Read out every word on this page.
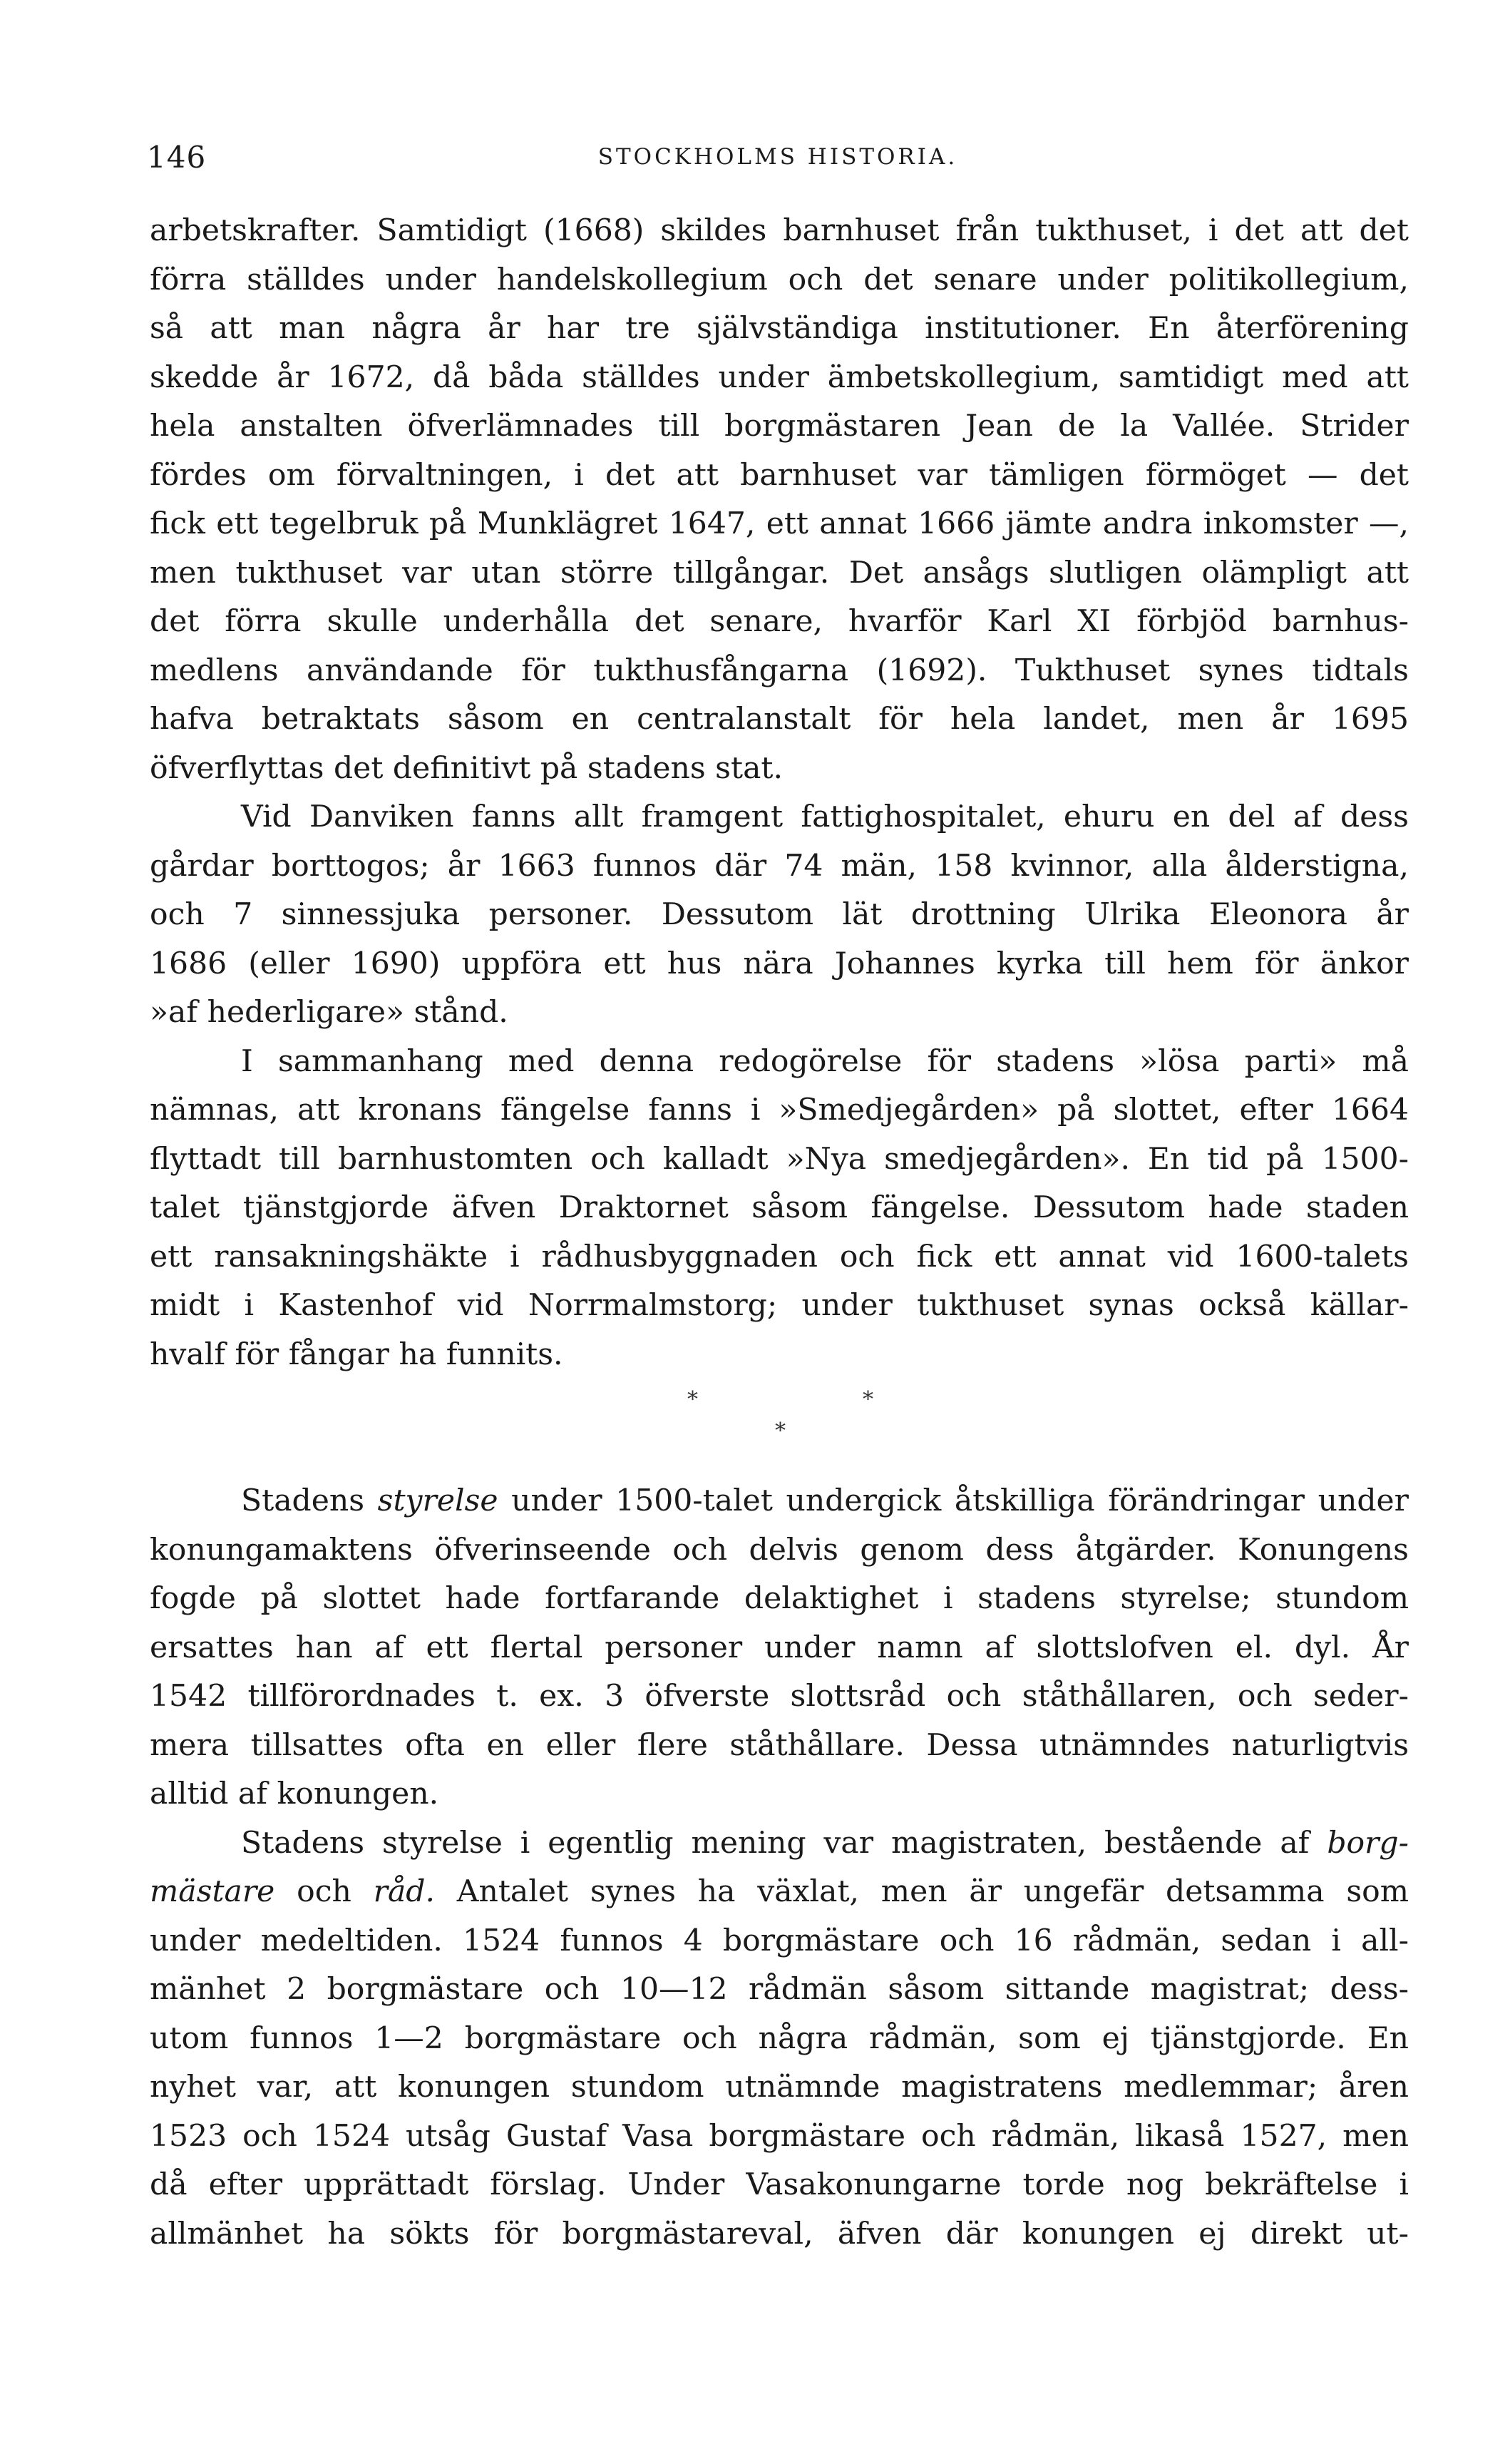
146	STOCKHOLMS HISTORIA.
arbetskrafter. Samtidigt (1668) skildes barnhuset från tukthuset, i det att det
förra ställdes under handelskollegium och det senare under politikollegium,
så att man några år har tre självständiga institutioner. En återförening
skedde år 1672, då båda ställdes under ämbetskollegium, samtidigt med att
hela anstalten öfverlämnades till borgmästaren Jean de la Vallée. Strider
fördes om förvaltningen, i det att barnhuset var tämligen förmöget — det
fick ett tegelbruk på Munklägret 1647, ett annat 1666 jämte andra inkomster —,
men tukthuset var utan större tillgångar. Det ansågs slutligen olämpligt att
det förra skulle underhålla det senare, hvarför Karl XI förbjöd barnhus-
medlens användande för tukthusfångarna (1692). Tukthuset synes tidtals
hafva betraktats såsom en centralanstalt för hela landet, men år 1695
öfverflyttas det definitivt på stadens stat.
Vid Danviken fanns allt framgent fattighospitalet, ehuru en del af dess
gårdar borttogos; år 1663 funnos där 74 män, 158 kvinnor, alla ålderstigna,
och 7 sinnessjuka personer. Dessutom lät drottning Ulrika Eleonora år
1686 (eller 1690) uppföra ett hus nära Johannes kyrka till hem för änkor
»af hederligare» stånd.
I sammanhang med denna redogörelse för stadens »lösa parti» må
nämnas, att kronans fängelse fanns i »Smedjegården» på slottet, efter 1664
flyttadt till barnhustomten och kalladt »Nya smedjegården». En tid på 1500-
talet tjänstgjorde äfven Draktornet såsom fängelse. Dessutom hade staden
ett ransakningshäkte i rådhusbyggnaden och fick ett annat vid 1600-talets
midt i Kastenhof vid Norrmalmstorg; under tukthuset synas också källar-
hvalf för fångar ha funnits.
*	*
*
Stadens styrelse under 1500-talet undergick åtskilliga förändringar under
konungamaktens öfverinseende och delvis genom dess åtgärder. Konungens
fogde på slottet hade fortfarande delaktighet i stadens styrelse; stundom
ersattes han af ett flertal personer under namn af slottslofven el. dyl. År
1542 tillförordnades t. ex. 3 öfverste slottsråd och ståthållaren, och seder-
mera tillsattes ofta en eller flere ståthållare. Dessa utnämndes naturligtvis
alltid af konungen.
Stadens styrelse i egentlig mening var magistraten, bestående af borg-
mästare och råd. Antalet synes ha växlat, men är ungefär detsamma som
under medeltiden. 1524 funnos 4 borgmästare och 16 rådmän, sedan i all-
mänhet 2 borgmästare och 10—12 rådmän såsom sittande magistrat; dess-
utom funnos 1—2 borgmästare och några rådmän, som ej tjänstgjorde. En
nyhet var, att konungen stundom utnämnde magistratens medlemmar; åren
1523 och 1524 utsåg Gustaf Vasa borgmästare och rådmän, likaså 1527, men
då efter upprättadt förslag. Under Vasakonungarne torde nog bekräftelse i
allmänhet ha sökts för borgmästareval, äfven där konungen ej direkt ut-
